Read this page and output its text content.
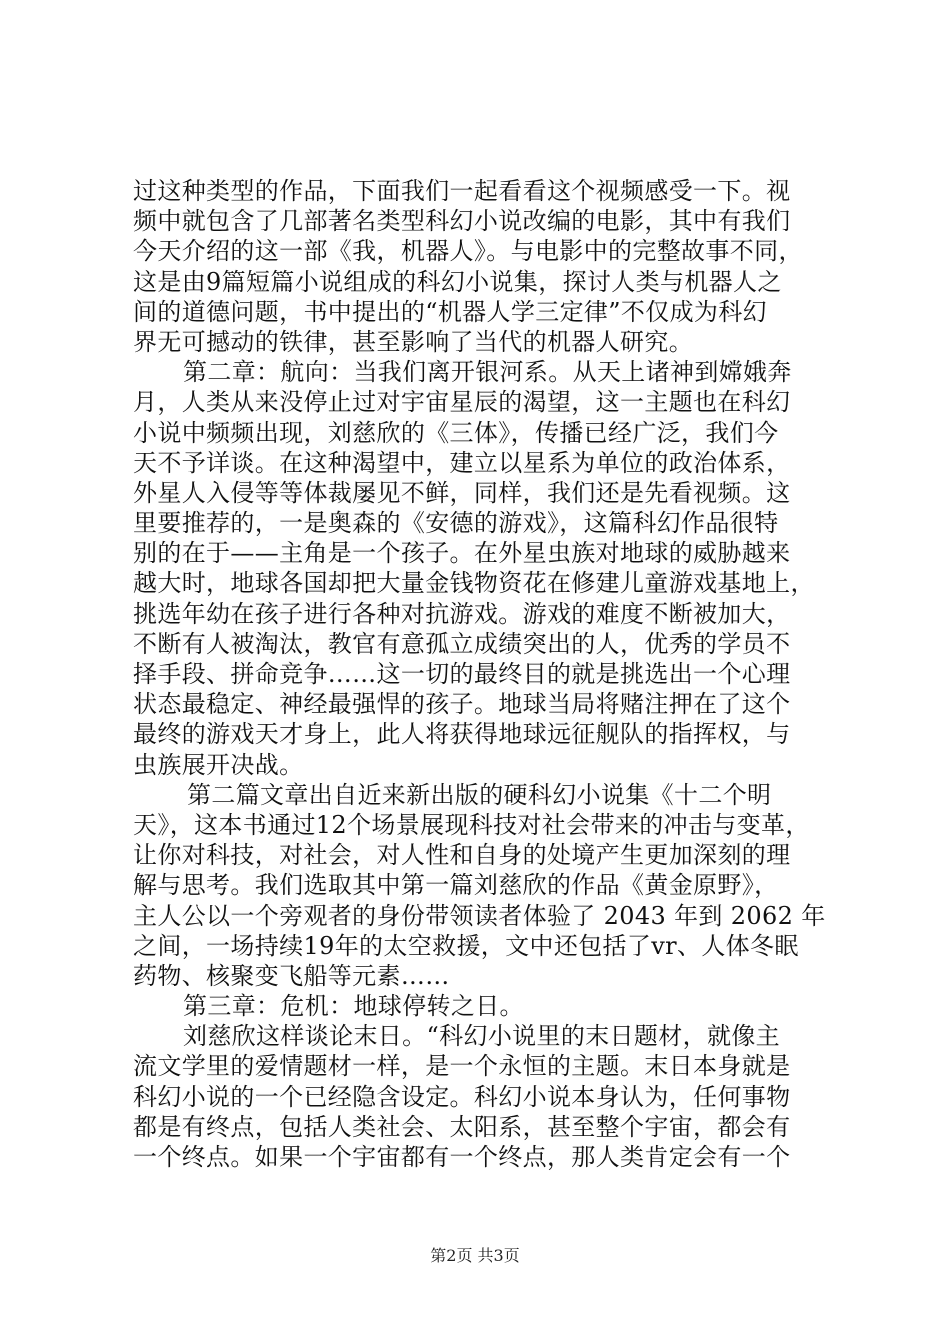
过这种类型的作品，下面我们一起看看这个视频感受一下。视
频中就包含了几部著名类型科幻小说改编的电影，其中有我们
今天介绍的这一部《我，机器人》。与电影中的完整故事不同，
这是由9篇短篇小说组成的科幻小说集，探讨人类与机器人之
间的道德问题，书中提出的“机器人学三定律”不仅成为科幻
界无可撼动的铁律，甚至影响了当代的机器人研究。
第二章：航向：当我们离开银河系。从天上诸神到嫦娥奔
月，人类从来没停止过对宇宙星辰的渴望，这一主题也在科幻
小说中频频出现，刘慈欣的《三体》，传播已经广泛，我们今
天不予详谈。在这种渴望中，建立以星系为单位的政治体系，
外星人入侵等等体裁屡见不鲜，同样，我们还是先看视频。这
里要推荐的，一是奥森的《安德的游戏》，这篇科幻作品很特
别的在于——主角是一个孩子。在外星虫族对地球的威胁越来
越大时，地球各国却把大量金钱物资花在修建儿童游戏基地上，
挑选年幼在孩子进行各种对抗游戏。游戏的难度不断被加大，
不断有人被淘汰，教官有意孤立成绩突出的人，优秀的学员不
择手段、拼命竞争……这一切的最终目的就是挑选出一个心理
状态最稳定、神经最强悍的孩子。地球当局将赌注押在了这个
最终的游戏天才身上，此人将获得地球远征舰队的指挥权，与
虫族展开决战。
第二篇文章出自近来新出版的硬科幻小说集《十二个明
天》，这本书通过12个场景展现科技对社会带来的冲击与变革，
让你对科技，对社会，对人性和自身的处境产生更加深刻的理
解与思考。我们选取其中第一篇刘慈欣的作品《黄金原野》，
主人公以一个旁观者的身份带领读者体验了 2043 年到 2062 年
之间，一场持续19年的太空救援，文中还包括了vr、人体冬眠
药物、核聚变飞船等元素……
第三章：危机：地球停转之日。
刘慈欣这样谈论末日。“科幻小说里的末日题材，就像主
流文学里的爱情题材一样，是一个永恒的主题。末日本身就是
科幻小说的一个已经隐含设定。科幻小说本身认为，任何事物
都是有终点，包括人类社会、太阳系，甚至整个宇宙，都会有
一个终点。如果一个宇宙都有一个终点，那人类肯定会有一个
第2页 共3页
